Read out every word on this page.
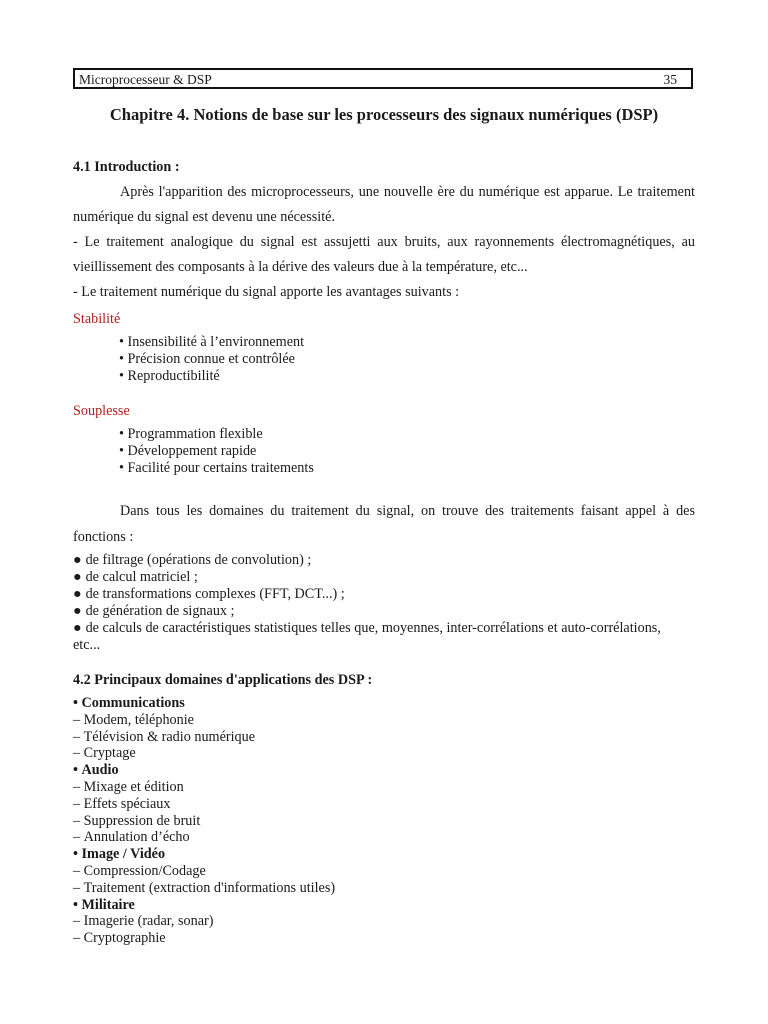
Microprocesseur & DSP	35
Chapitre 4. Notions de base sur les processeurs des signaux numériques (DSP)
4.1 Introduction :

Après l'apparition des microprocesseurs, une nouvelle ère du numérique est apparue. Le traitement numérique du signal est devenu une nécessité.

- Le traitement analogique du signal est assujetti aux bruits, aux rayonnements électromagnétiques, au vieillissement des composants à la dérive des valeurs due à la température, etc...

- Le traitement numérique du signal apporte les avantages suivants :

Stabilité
• Insensibilité à l’environnement
• Précision connue et contrôlée
• Reproductibilité
Souplesse
• Programmation flexible
• Développement rapide
• Facilité pour certains traitements

Dans tous les domaines du traitement du signal, on trouve des traitements faisant appel à des fonctions :

● de filtrage (opérations de convolution) ;
● de calcul matriciel ;
● de transformations complexes (FFT, DCT...) ;
● de génération de signaux ;
● de calculs de caractéristiques statistiques telles que, moyennes, inter-corrélations et auto-corrélations, etc...
4.2 Principaux domaines d'applications des DSP :
• Communications
– Modem, téléphonie
– Télévision & radio numérique
– Cryptage
• Audio
– Mixage et édition
– Effets spéciaux
– Suppression de bruit
– Annulation d’écho
• Image / Vidéo
– Compression/Codage
– Traitement (extraction d'informations utiles)
• Militaire
– Imagerie (radar, sonar)
– Cryptographie
